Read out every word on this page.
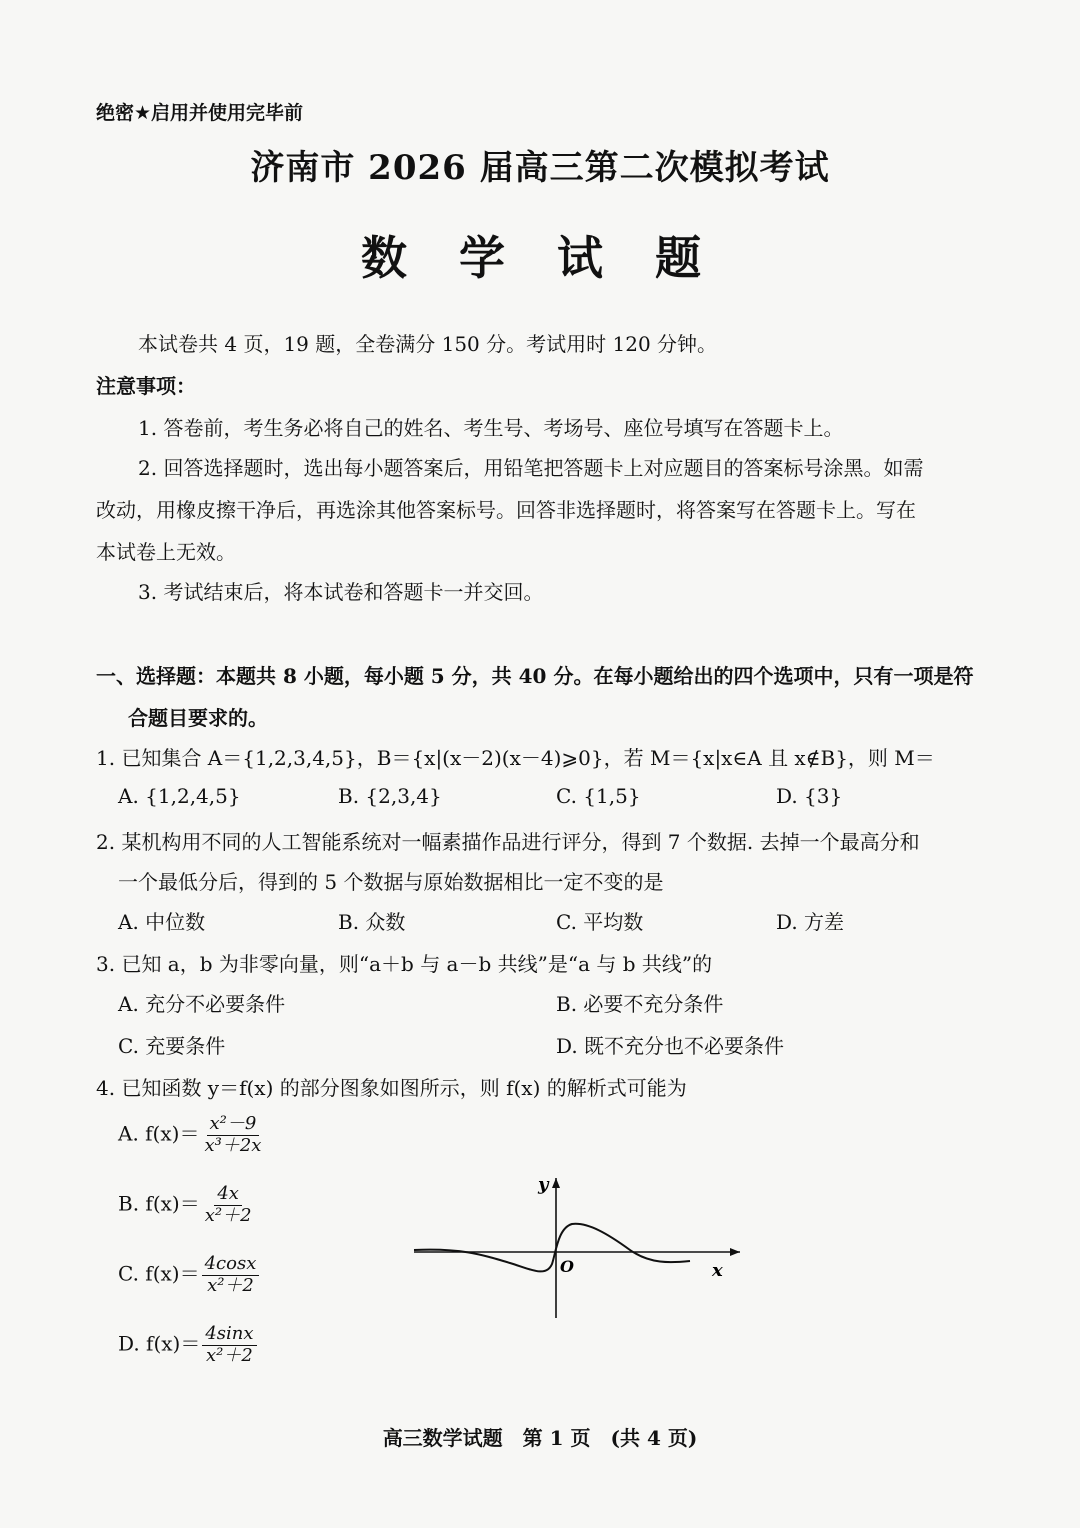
绝密★启用并使用完毕前
济南市 2026 届高三第二次模拟考试
数 学 试 题
本试卷共 4 页，19 题，全卷满分 150 分。考试用时 120 分钟。
注意事项：
1. 答卷前，考生务必将自己的姓名、考生号、考场号、座位号填写在答题卡上。
2. 回答选择题时，选出每小题答案后，用铅笔把答题卡上对应题目的答案标号涂黑。如需
改动，用橡皮擦干净后，再选涂其他答案标号。回答非选择题时，将答案写在答题卡上。写在
本试卷上无效。
3. 考试结束后，将本试卷和答题卡一并交回。
一、选择题：本题共 8 小题，每小题 5 分，共 40 分。在每小题给出的四个选项中，只有一项是符
合题目要求的。
1. 已知集合 A＝{1,2,3,4,5}，B＝{x|(x－2)(x－4)⩾0}，若 M＝{x|x∈A 且 x∉B}，则 M＝
A. {1,2,4,5}	B. {2,3,4}	C. {1,5}	D. {3}
2. 某机构用不同的人工智能系统对一幅素描作品进行评分，得到 7 个数据. 去掉一个最高分和
一个最低分后，得到的 5 个数据与原始数据相比一定不变的是
A. 中位数	B. 众数	C. 平均数	D. 方差
3. 已知 a，b 为非零向量，则“a＋b 与 a－b 共线”是“a 与 b 共线”的
A. 充分不必要条件	B. 必要不充分条件
C. 充要条件	D. 既不充分也不必要条件
4. 已知函数 y＝f(x) 的部分图象如图所示，则 f(x) 的解析式可能为
A. $f(x)= \frac{\text{x²－9}}{\text{x³＋2x}}$
B. $f(x)= \frac{4x}{\text{x²＋2}}$
C. $f(x)= \frac{4\cos x}{\text{x²＋2}}$
D. $f(x)= \frac{4\sin x}{\text{x²＋2}}$
y
x
O
高三数学试题　第 1 页　(共 4 页)
